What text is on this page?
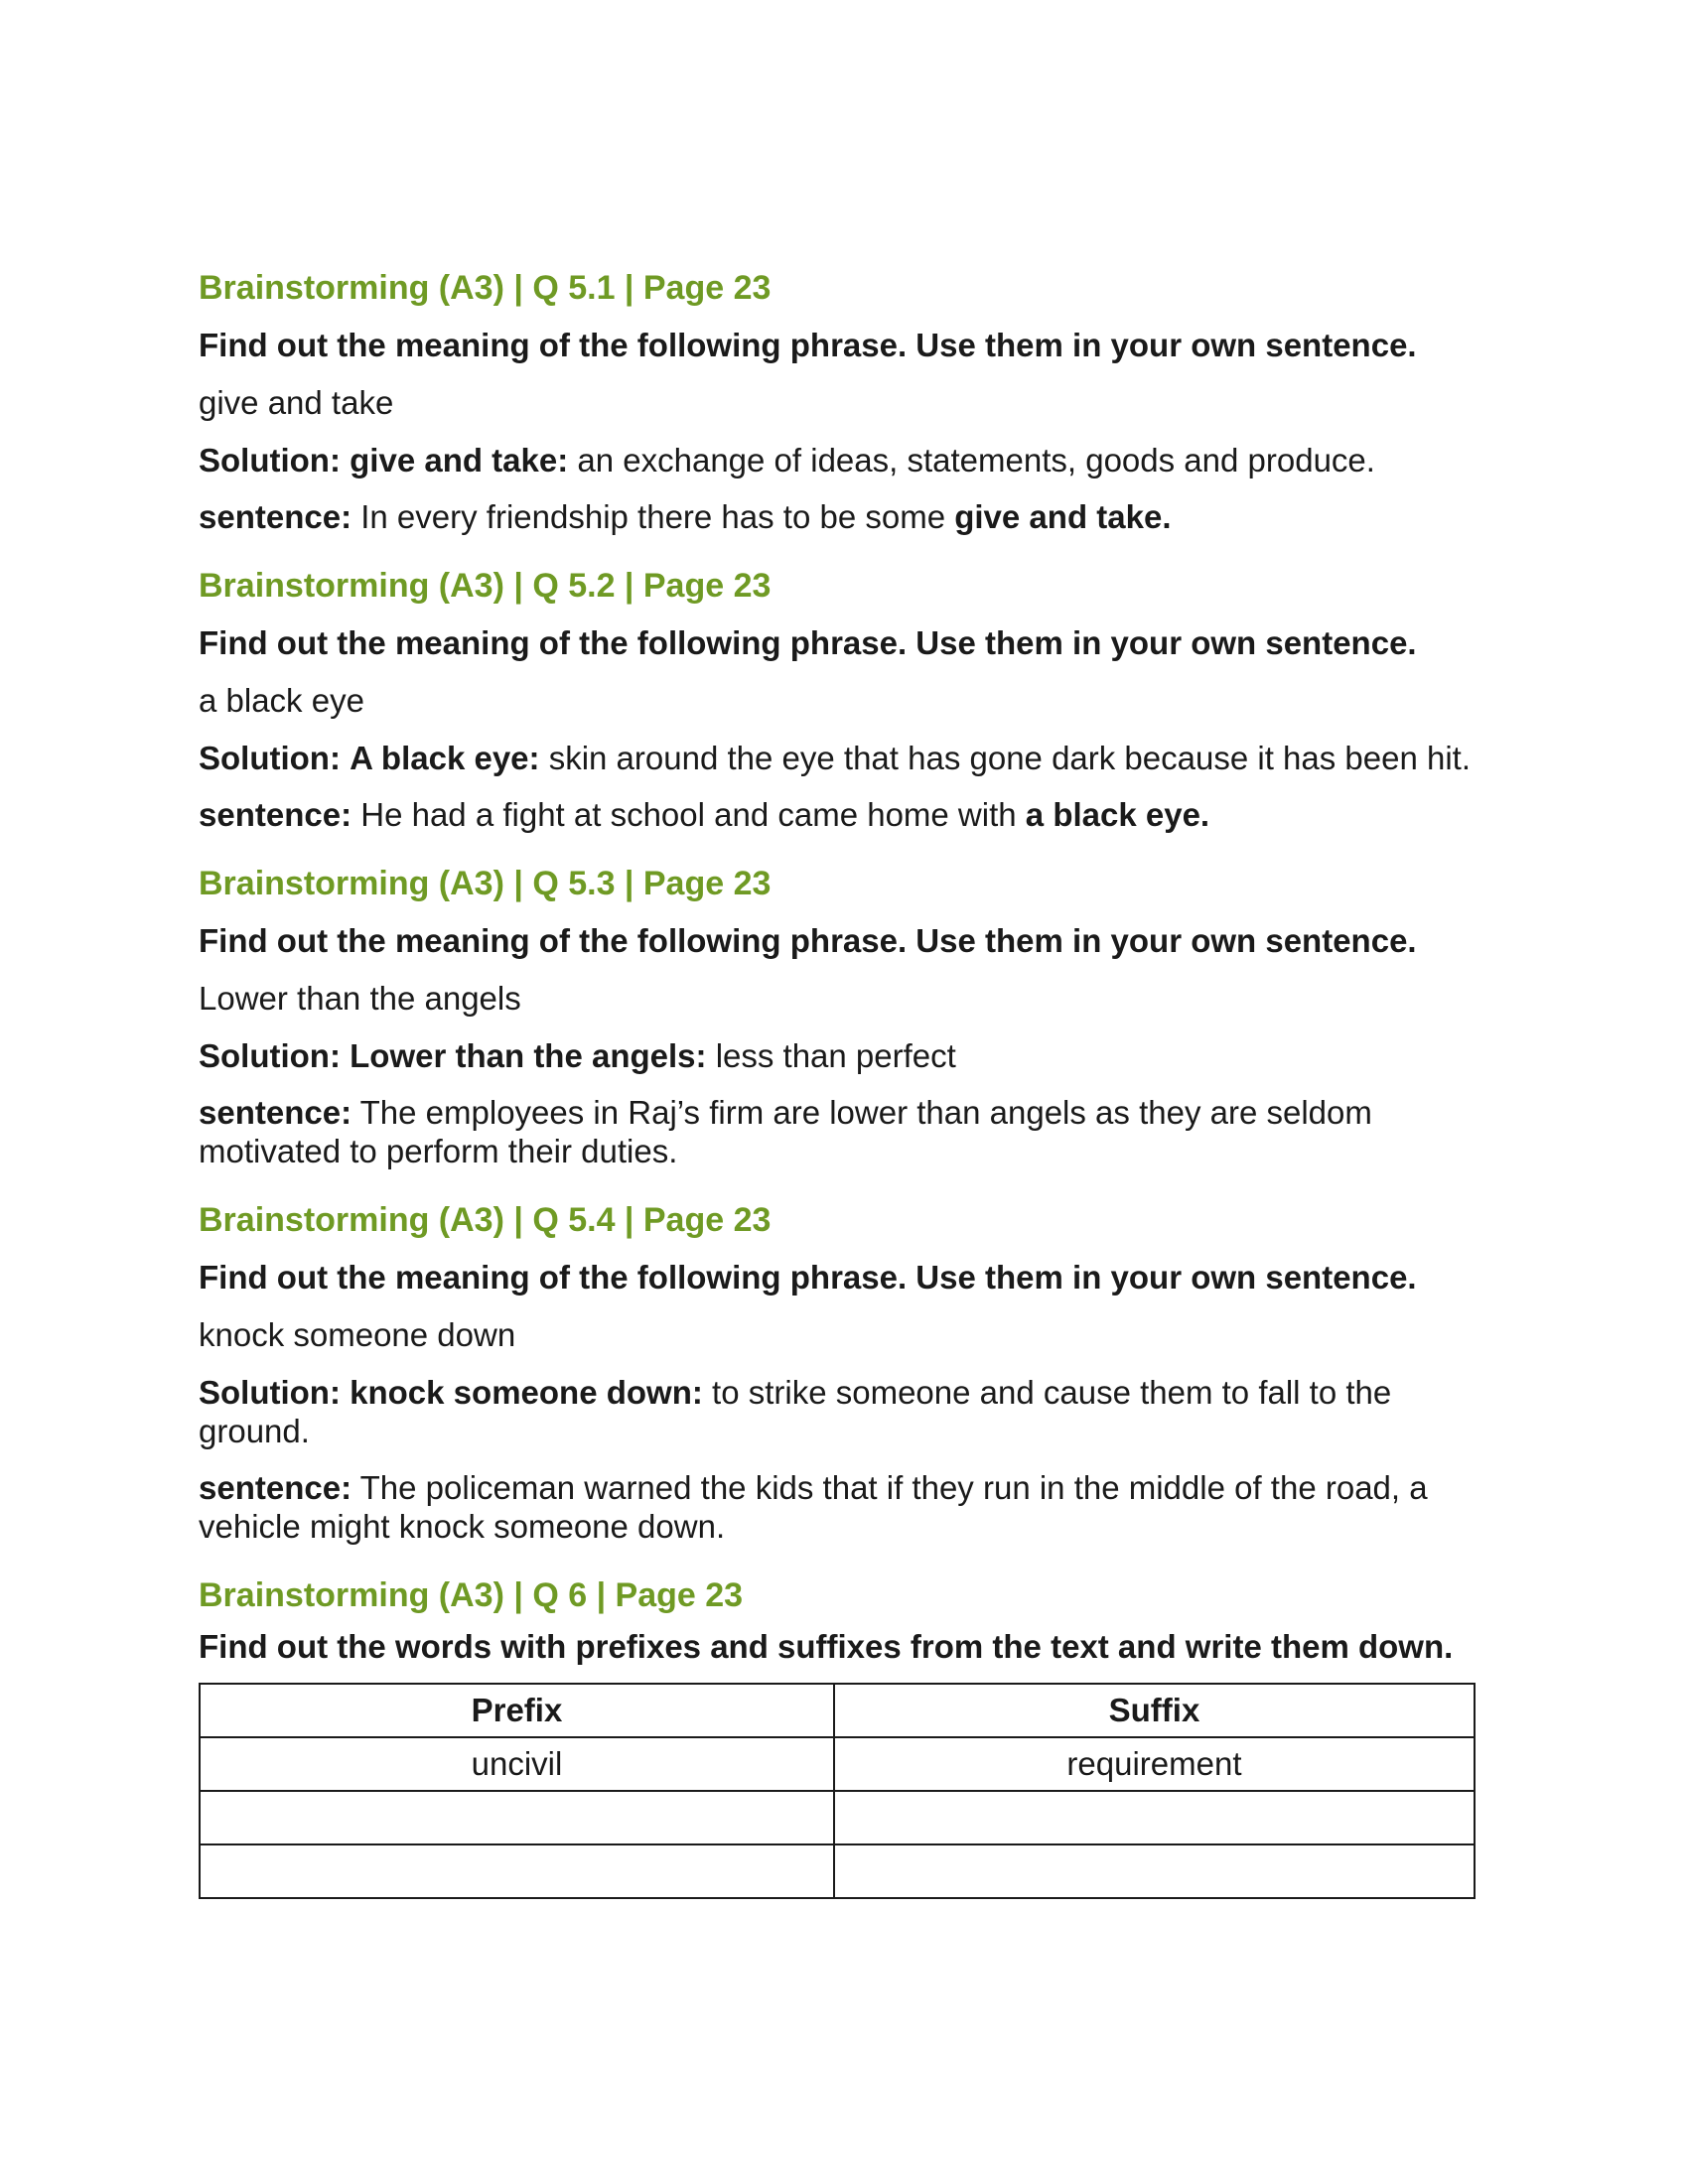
Brainstorming (A3) | Q 5.1 | Page 23
Find out the meaning of the following phrase. Use them in your own sentence.
give and take
Solution: give and take: an exchange of ideas, statements, goods and produce.
sentence: In every friendship there has to be some give and take.
Brainstorming (A3) | Q 5.2 | Page 23
Find out the meaning of the following phrase. Use them in your own sentence.
a black eye
Solution: A black eye: skin around the eye that has gone dark because it has been hit.
sentence: He had a fight at school and came home with a black eye.
Brainstorming (A3) | Q 5.3 | Page 23
Find out the meaning of the following phrase. Use them in your own sentence.
Lower than the angels
Solution: Lower than the angels: less than perfect
sentence: The employees in Raj’s firm are lower than angels as they are seldom motivated to perform their duties.
Brainstorming (A3) | Q 5.4 | Page 23
Find out the meaning of the following phrase. Use them in your own sentence.
knock someone down
Solution: knock someone down: to strike someone and cause them to fall to the ground.
sentence: The policeman warned the kids that if they run in the middle of the road, a vehicle might knock someone down.
Brainstorming (A3) | Q 6 | Page 23
Find out the words with prefixes and suffixes from the text and write them down.
Prefix	Suffix
uncivil	requirement
